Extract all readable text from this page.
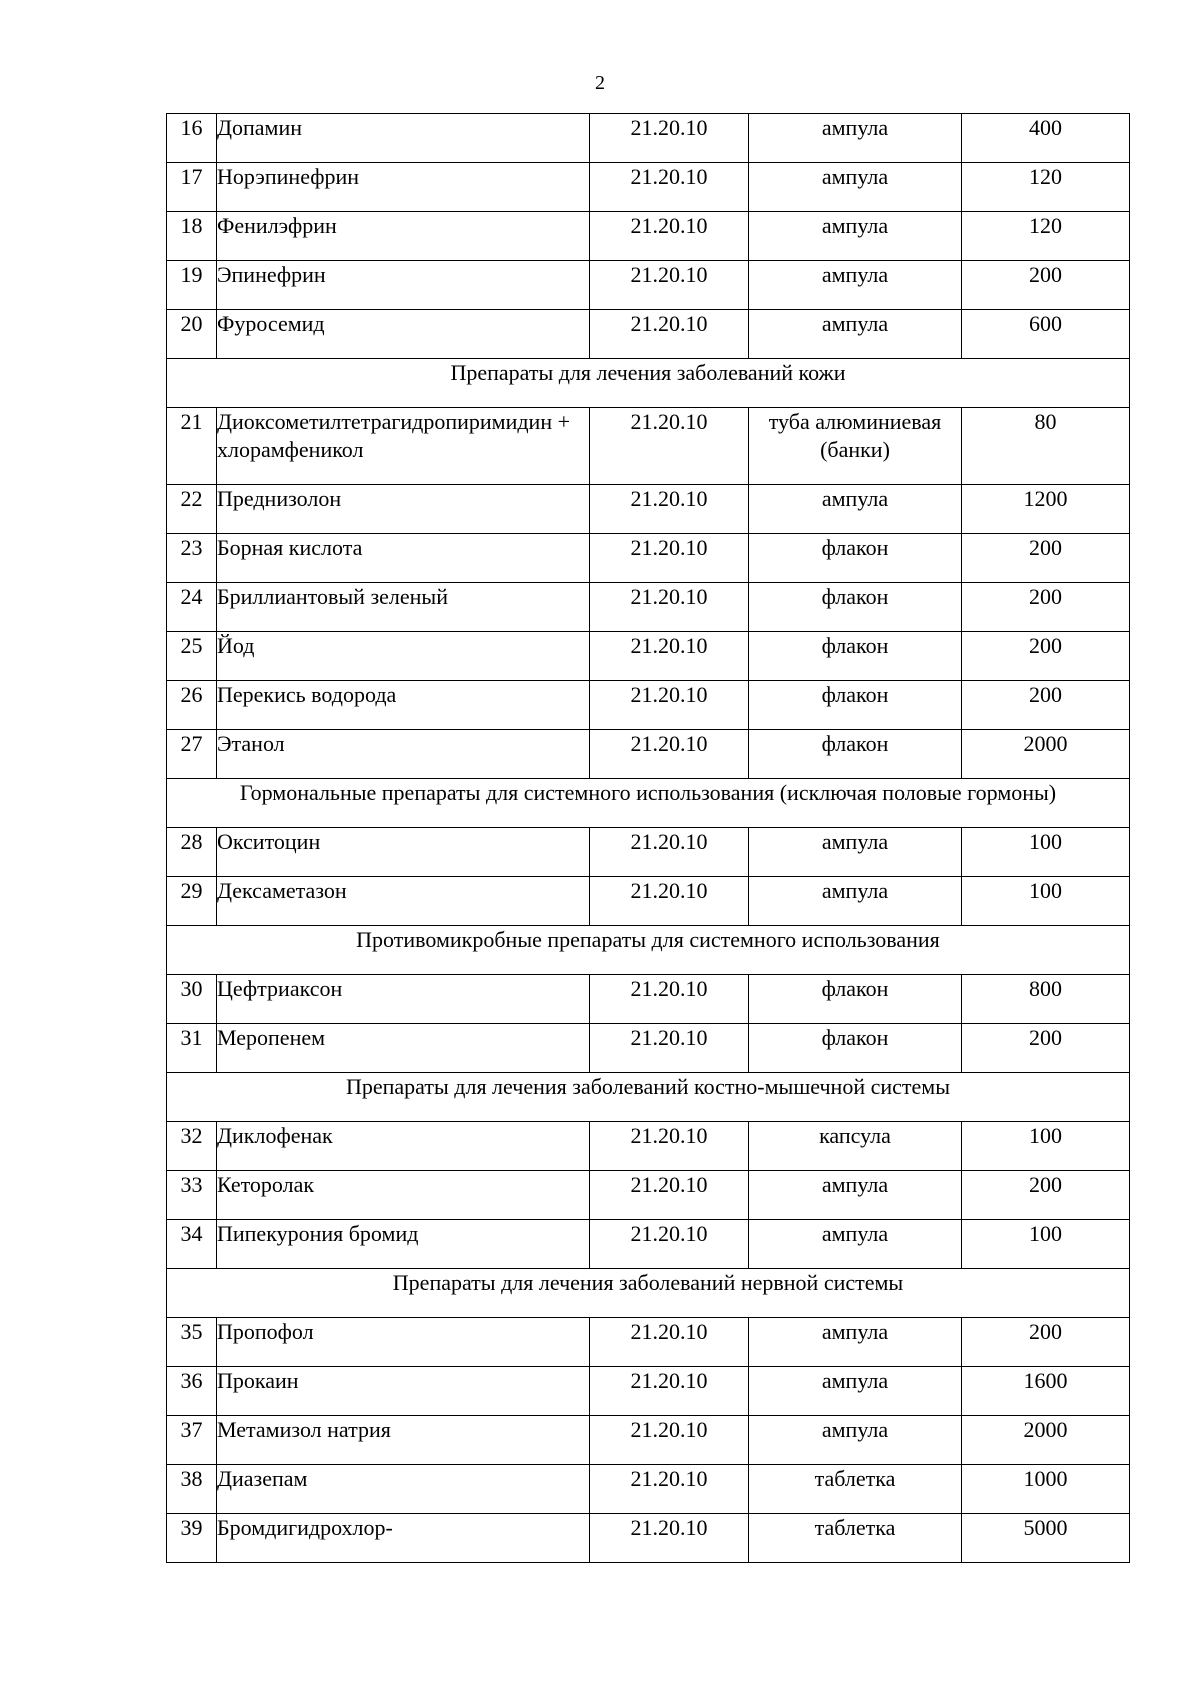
2
16	Допамин	21.20.10	ампула	400
17	Норэпинефрин	21.20.10	ампула	120
18	Фенилэфрин	21.20.10	ампула	120
19	Эпинефрин	21.20.10	ампула	200
20	Фуросемид	21.20.10	ампула	600
Препараты для лечения заболеваний кожи				
21	Диоксометилтетрагидропиримидин + хлорамфеникол	21.20.10	туба алюминиевая (банки)	80
22	Преднизолон	21.20.10	ампула	1200
23	Борная кислота	21.20.10	флакон	200
24	Бриллиантовый зеленый	21.20.10	флакон	200
25	Йод	21.20.10	флакон	200
26	Перекись водорода	21.20.10	флакон	200
27	Этанол	21.20.10	флакон	2000
Гормональные препараты для системного использования (исключая половые гормоны)				
28	Окситоцин	21.20.10	ампула	100
29	Дексаметазон	21.20.10	ампула	100
Противомикробные препараты для системного использования				
30	Цефтриаксон	21.20.10	флакон	800
31	Меропенем	21.20.10	флакон	200
Препараты для лечения заболеваний костно-мышечной системы				
32	Диклофенак	21.20.10	капсула	100
33	Кеторолак	21.20.10	ампула	200
34	Пипекурония бромид	21.20.10	ампула	100
Препараты для лечения заболеваний нервной системы				
35	Пропофол	21.20.10	ампула	200
36	Прокаин	21.20.10	ампула	1600
37	Метамизол натрия	21.20.10	ампула	2000
38	Диазепам	21.20.10	таблетка	1000
39	Бромдигидрохлор-	21.20.10	таблетка	5000
